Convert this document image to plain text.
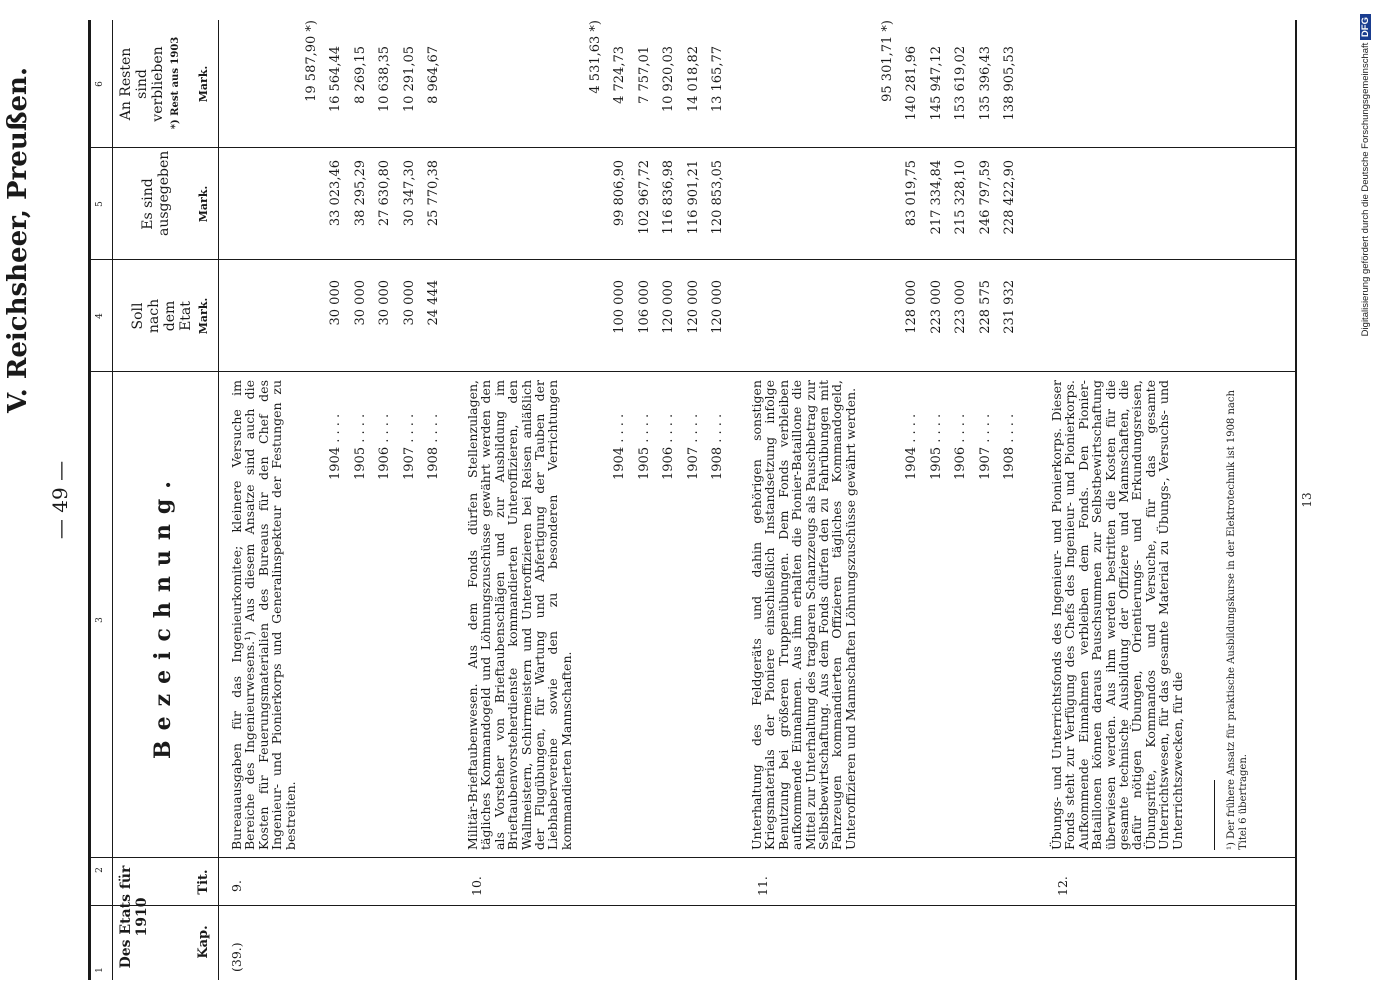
— 49 —
V. Reichsheer, Preußen.
1
2
3
4
5
6
Des Etats für 1910
Kap.
Tit.
Bezeichnung.
Soll nach dem Etat Mark.
Es sind ausgegeben Mark.
An Resten sind verblieben *) Rest aus 1903 Mark.
(39.)
9.
Bureauausgaben für das Ingenieurkomitee; kleinere Versuche im Bereiche des Ingenieurwesens.¹) Aus diesem Ansatze sind auch die Kosten für Feuerungsmaterialien des Bureaus für den Chef des Ingenieur- und Pionierkorps und Generalinspekteur der Festungen zu bestreiten.
19 587,90 *)
1904 . . . .
30 000
33 023,46
16 564,44
1905 . . . .
30 000
38 295,29
8 269,15
1906 . . . .
30 000
27 630,80
10 638,35
1907 . . . .
30 000
30 347,30
10 291,05
1908 . . . .
24 444
25 770,38
8 964,67
10.
Militär-Brieftaubenwesen. Aus dem Fonds dürfen Stellenzulagen, tägliches Kommandogeld und Löhnungszuschüsse gewährt werden den als Vorsteher von Brieftaubenschlägen und zur Ausbildung im Brieftaubenvorsteherdienste kommandierten Unteroffizieren, den Wallmeistern, Schirrmeistern und Unteroffizieren bei Reisen anläßlich der Flugübungen, für Wartung und Abfertigung der Tauben der Liebhabervereine sowie den zu besonderen Verrichtungen kommandierten Mannschaften.
4 531,63 *)
1904 . . . .
100 000
99 806,90
4 724,73
1905 . . . .
106 000
102 967,72
7 757,01
1906 . . . .
120 000
116 836,98
10 920,03
1907 . . . .
120 000
116 901,21
14 018,82
1908 . . . .
120 000
120 853,05
13 165,77
11.
Unterhaltung des Feldgeräts und dahin gehörigen sonstigen Kriegsmaterials der Pioniere einschließlich Instandsetzung infolge Benutzung bei größeren Truppenübungen. Dem Fonds verbleiben aufkommende Einnahmen. Aus ihm erhalten die Pionier-Bataillone die Mittel zur Unterhaltung des tragbaren Schanzzeugs als Pauschbetrag zur Selbstbewirtschaftung. Aus dem Fonds dürfen den zu Fahrübungen mit Fahrzeugen kommandierten Offizieren tägliches Kommandogeld, Unteroffizieren und Mannschaften Löhnungszuschüsse gewährt werden.
95 301,71 *)
1904 . . . .
128 000
83 019,75
140 281,96
1905 . . . .
223 000
217 334,84
145 947,12
1906 . . . .
223 000
215 328,10
153 619,02
1907 . . . .
228 575
246 797,59
135 396,43
1908 . . . .
231 932
228 422,90
138 905,53
12.
Übungs- und Unterrichtsfonds des Ingenieur- und Pionierkorps. Dieser Fonds steht zur Verfügung des Chefs des Ingenieur- und Pionierkorps. Aufkommende Einnahmen verbleiben dem Fonds. Den Pionier-Bataillonen können daraus Pauschsummen zur Selbstbewirtschaftung überwiesen werden. Aus ihm werden bestritten die Kosten für die gesamte technische Ausbildung der Offiziere und Mannschaften, die dafür nötigen Übungen, Orientierungs- und Erkundungsreisen, Übungsritte, Kommandos und Versuche, für das gesamte Unterrichtswesen, für das gesamte Material zu Übungs-, Versuchs- und Unterrichtszwecken, für die	¹) Der frühere Ansatz für praktische Ausbildungskurse in der Elektrotechnik ist 1908 nach Titel 6 übertragen.
13
Digitalisierung gefördert durch die Deutsche Forschungsgemeinschaft DFG
